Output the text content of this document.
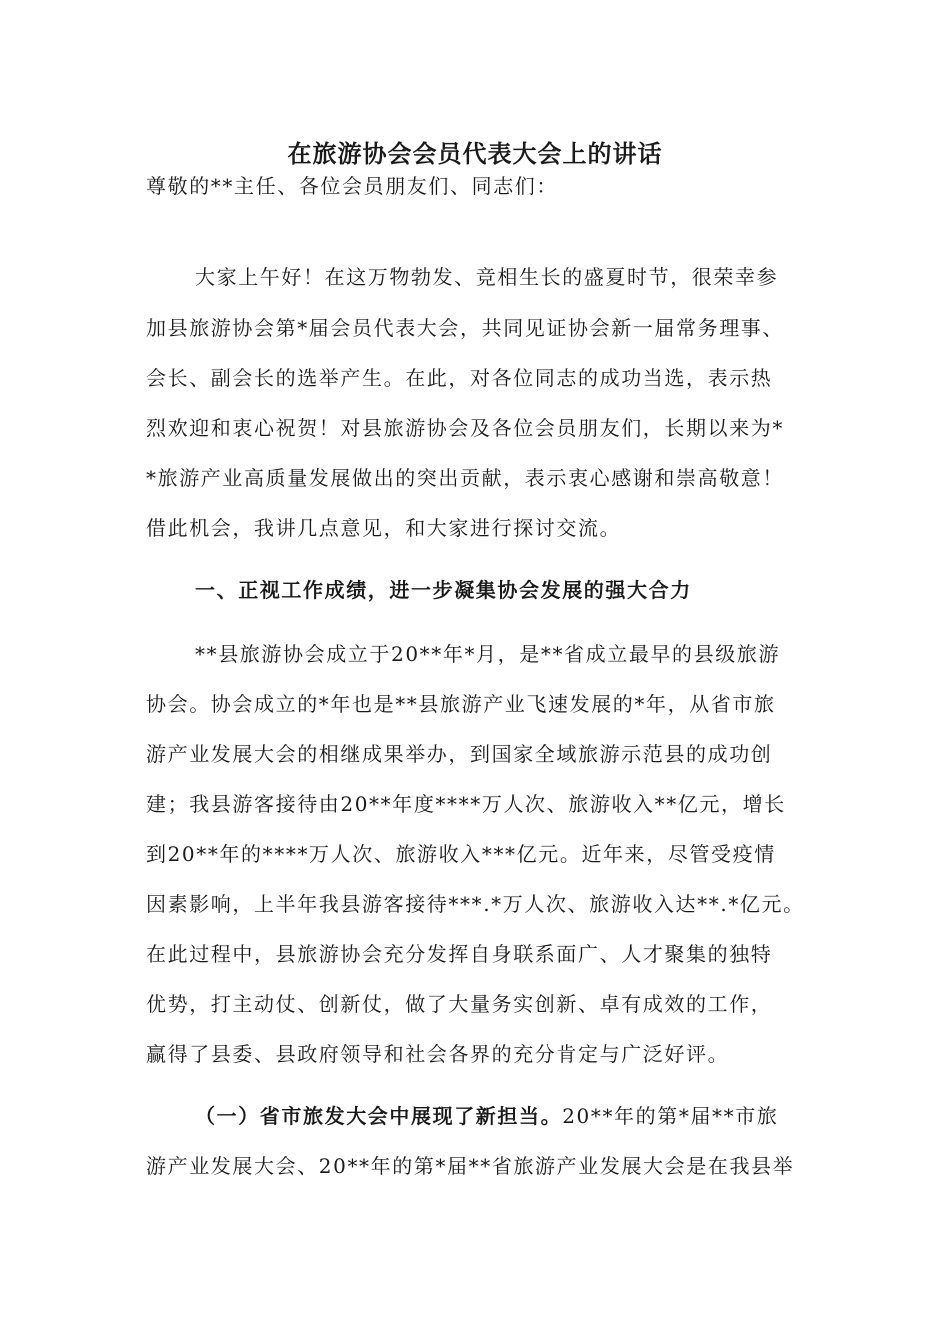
在旅游协会会员代表大会上的讲话
尊敬的**主任、各位会员朋友们、同志们：
大家上午好！在这万物勃发、竞相生长的盛夏时节，很荣幸参
加县旅游协会第*届会员代表大会，共同见证协会新一届常务理事、
会长、副会长的选举产生。在此，对各位同志的成功当选，表示热
烈欢迎和衷心祝贺！对县旅游协会及各位会员朋友们，长期以来为*
*旅游产业高质量发展做出的突出贡献，表示衷心感谢和崇高敬意！
借此机会，我讲几点意见，和大家进行探讨交流。
一、正视工作成绩，进一步凝集协会发展的强大合力
**县旅游协会成立于20**年*月，是**省成立最早的县级旅游
协会。协会成立的*年也是**县旅游产业飞速发展的*年，从省市旅
游产业发展大会的相继成果举办，到国家全域旅游示范县的成功创
建；我县游客接待由20**年度****万人次、旅游收入**亿元，增长
到20**年的****万人次、旅游收入***亿元。近年来，尽管受疫情
因素影响，上半年我县游客接待***.*万人次、旅游收入达**.*亿元。
在此过程中，县旅游协会充分发挥自身联系面广、人才聚集的独特
优势，打主动仗、创新仗，做了大量务实创新、卓有成效的工作，
赢得了县委、县政府领导和社会各界的充分肯定与广泛好评。
（一）省市旅发大会中展现了新担当。20**年的第*届**市旅
游产业发展大会、20**年的第*届**省旅游产业发展大会是在我县举
